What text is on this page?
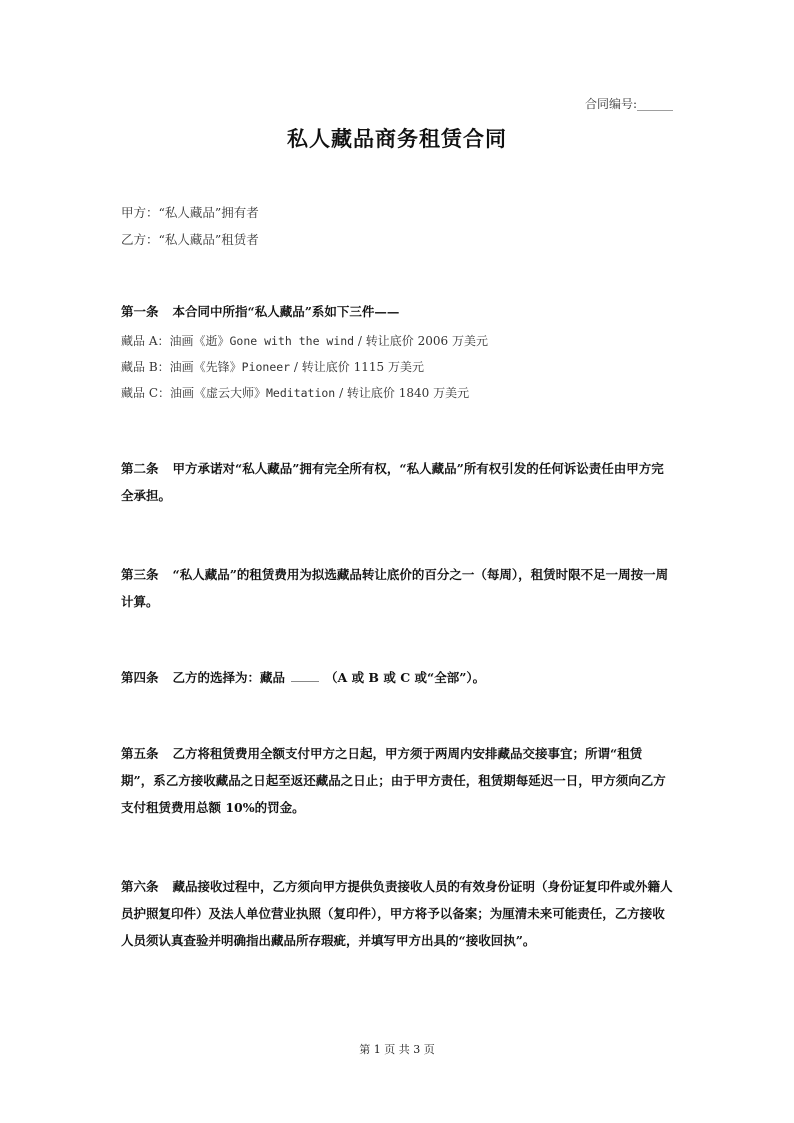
合同编号:______
私人藏品商务租赁合同
甲方：“私人藏品”拥有者
乙方：“私人藏品”租赁者
第一条 本合同中所指“私人藏品”系如下三件——
藏品 A：油画《逝》Gone with the wind / 转让底价 2006 万美元
藏品 B：油画《先锋》Pioneer / 转让底价 1115 万美元
藏品 C：油画《虚云大师》Meditation / 转让底价 1840 万美元
第二条 甲方承诺对“私人藏品”拥有完全所有权，“私人藏品”所有权引发的任何诉讼责任由甲方完全承担。
第三条 “私人藏品”的租赁费用为拟选藏品转让底价的百分之一（每周），租赁时限不足一周按一周计算。
第四条 乙方的选择为：藏品	（A 或 B 或 C 或“全部”）。
第五条 乙方将租赁费用全额支付甲方之日起，甲方须于两周内安排藏品交接事宜；所谓“租赁期”，系乙方接收藏品之日起至返还藏品之日止；由于甲方责任，租赁期每延迟一日，甲方须向乙方支付租赁费用总额 10%的罚金。
第六条 藏品接收过程中，乙方须向甲方提供负责接收人员的有效身份证明（身份证复印件或外籍人员护照复印件）及法人单位营业执照（复印件），甲方将予以备案；为厘清未来可能责任，乙方接收人员须认真查验并明确指出藏品所存瑕疵，并填写甲方出具的“接收回执”。
第 1 页 共 3 页
